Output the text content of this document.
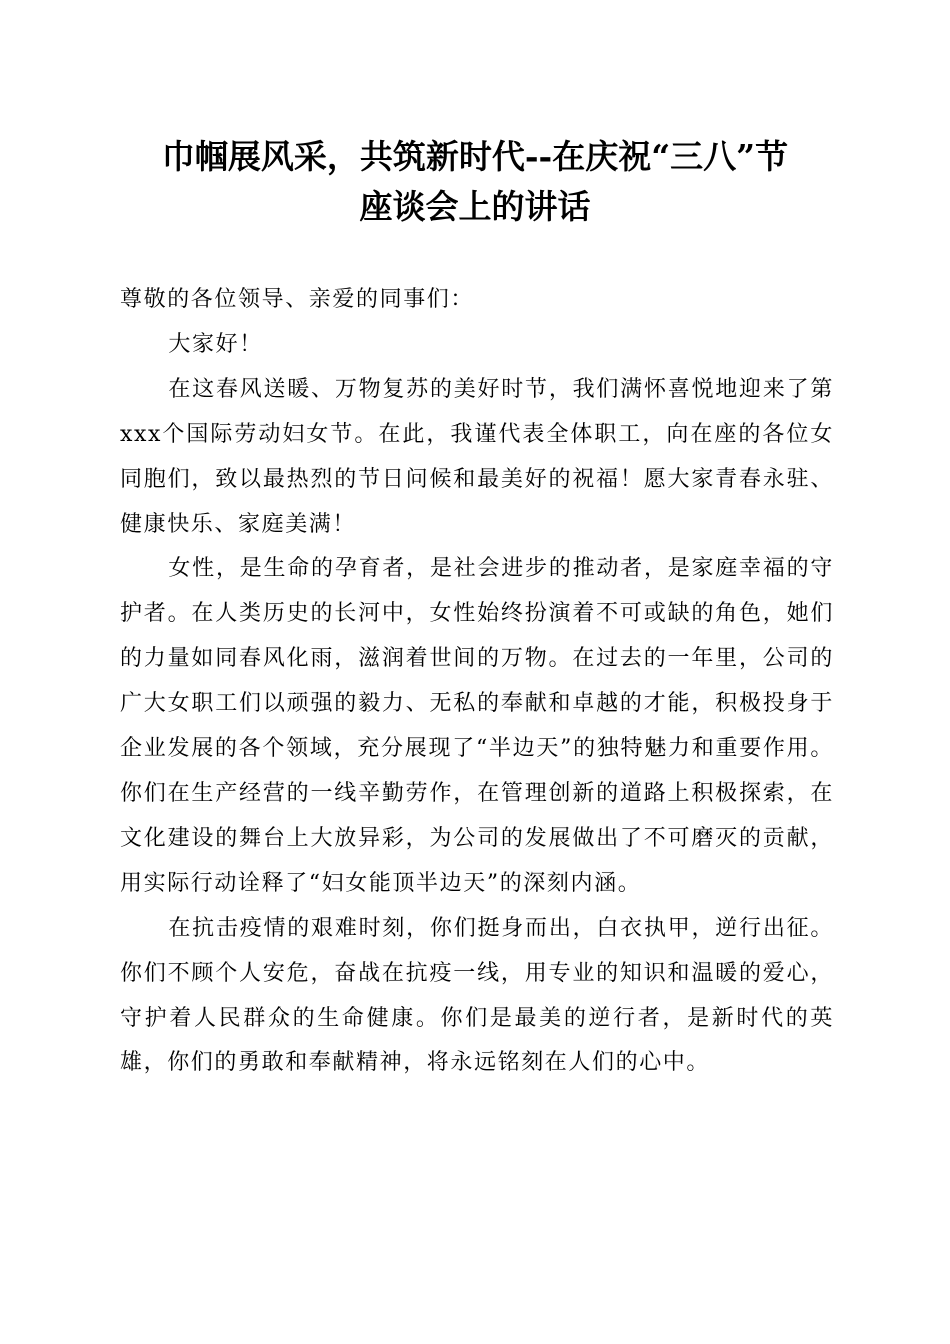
巾帼展风采，共筑新时代--在庆祝“三八”节座谈会上的讲话

尊敬的各位领导、亲爱的同事们：

大家好！

在这春风送暖、万物复苏的美好时节，我们满怀喜悦地迎来了第xxx个国际劳动妇女节。在此，我谨代表全体职工，向在座的各位女同胞们，致以最热烈的节日问候和最美好的祝福！愿大家青春永驻、健康快乐、家庭美满！

女性，是生命的孕育者，是社会进步的推动者，是家庭幸福的守护者。在人类历史的长河中，女性始终扮演着不可或缺的角色，她们的力量如同春风化雨，滋润着世间的万物。在过去的一年里，公司的广大女职工们以顽强的毅力、无私的奉献和卓越的才能，积极投身于企业发展的各个领域，充分展现了“半边天”的独特魅力和重要作用。你们在生产经营的一线辛勤劳作，在管理创新的道路上积极探索，在文化建设的舞台上大放异彩，为公司的发展做出了不可磨灭的贡献，用实际行动诠释了“妇女能顶半边天”的深刻内涵。

在抗击疫情的艰难时刻，你们挺身而出，白衣执甲，逆行出征。你们不顾个人安危，奋战在抗疫一线，用专业的知识和温暖的爱心，守护着人民群众的生命健康。你们是最美的逆行者，是新时代的英雄，你们的勇敢和奉献精神，将永远铭刻在人们的心中。
